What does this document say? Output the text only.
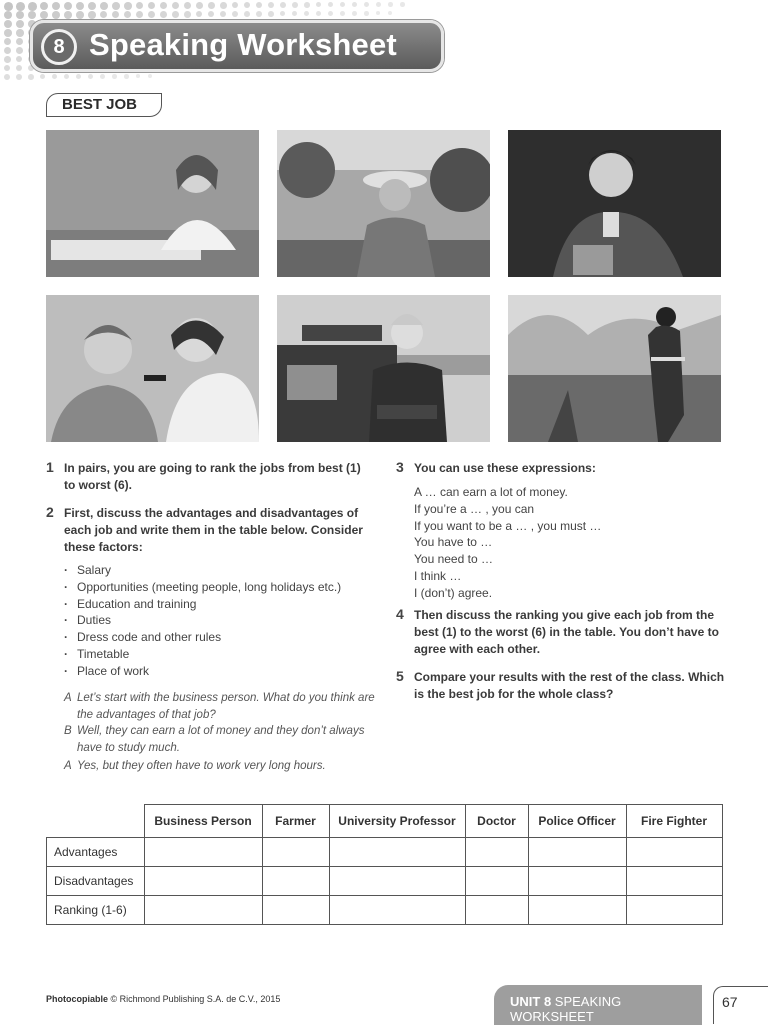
8 Speaking Worksheet
BEST JOB
1 In pairs, you are going to rank the jobs from best (1) to worst (6).
2 First, discuss the advantages and disadvantages of each job and write them in the table below. Consider these factors:
· Salary
· Opportunities (meeting people, long holidays etc.)
· Education and training
· Duties
· Dress code and other rules
· Timetable
· Place of work
A Let’s start with the business person. What do you think are the advantages of that job?
B Well, they can earn a lot of money and they don’t always have to study much.
A Yes, but they often have to work very long hours.
3 You can use these expressions:
A … can earn a lot of money.
If you’re a … , you can
If you want to be a … , you must …
You have to …
You need to …
I think …
I (don’t) agree.
4 Then discuss the ranking you give each job from the best (1) to the worst (6) in the table. You don’t have to agree with each other.
5 Compare your results with the rest of the class. Which is the best job for the whole class?
	Business Person	Farmer	University Professor	Doctor	Police Officer	Fire Fighter
Advantages						
Disadvantages						
Ranking (1-6)						
Photocopiable © Richmond Publishing S.A. de C.V., 2015	UNIT 8 SPEAKING WORKSHEET
67
